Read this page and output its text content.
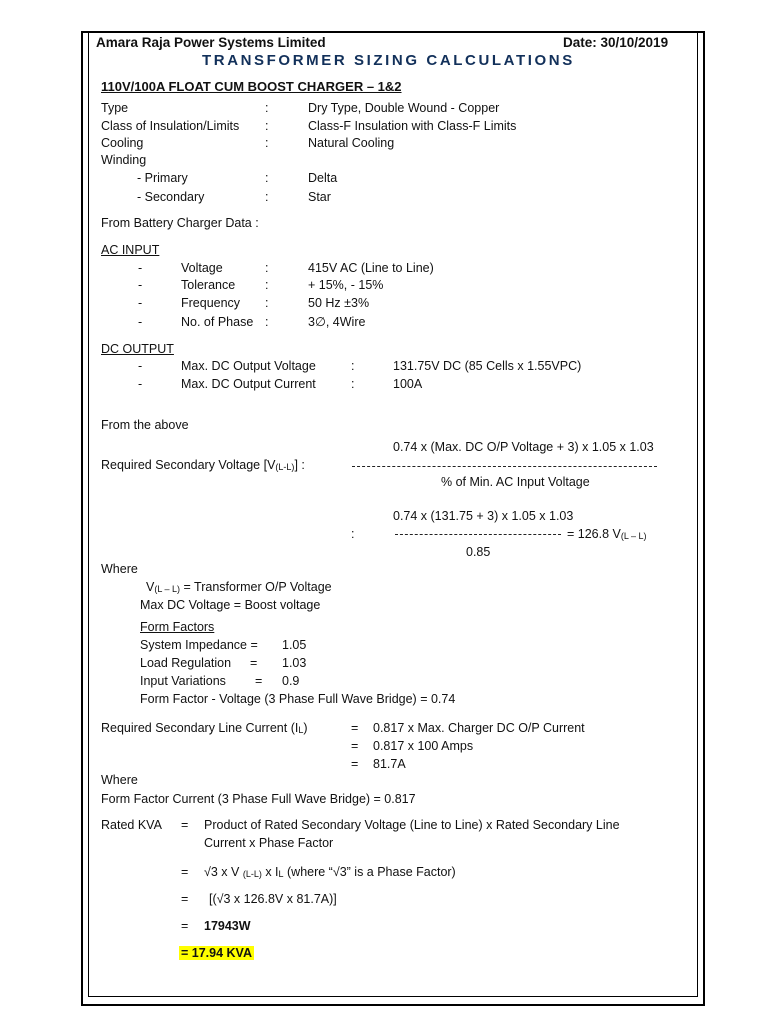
Amara Raja Power Systems Limited	Date: 30/10/2019
TRANSFORMER SIZING CALCULATIONS
110V/100A FLOAT CUM BOOST CHARGER – 1&2
Type	:	Dry Type, Double Wound - Copper
Class of Insulation/Limits :	Class-F Insulation with Class-F Limits
Cooling	:	Natural Cooling
Winding
- Primary	:	Delta
- Secondary	:	Star
From Battery Charger Data :
AC INPUT
-	Voltage	:	415V AC (Line to Line)
-	Tolerance :	+ 15%, - 15%
-	Frequency :	50 Hz ±3%
-	No. of Phase :	3∅, 4Wire
DC OUTPUT
-	Max. DC Output Voltage	:	131.75V DC (85 Cells x 1.55VPC)
-	Max. DC Output Current	:	100A
From the above
0.74 x (Max. DC O/P Voltage + 3) x 1.05 x 1.03
Required Secondary Voltage [V(L-L)] :
% of Min. AC Input Voltage
0.74 x (131.75 + 3) x 1.05 x 1.03
:	= 126.8 V(L – L)
0.85
Where
V(L – L) = Transformer O/P Voltage
Max DC Voltage = Boost voltage
Form Factors
System Impedance = 1.05
Load Regulation = 1.03
Input Variations = 0.9
Form Factor - Voltage (3 Phase Full Wave Bridge) = 0.74
Required Secondary Line Current (IL)	= 0.817 x Max. Charger DC O/P Current
= 0.817 x 100 Amps
= 81.7A
Where
Form Factor Current (3 Phase Full Wave Bridge) = 0.817
Rated KVA = Product of Rated Secondary Voltage (Line to Line) x Rated Secondary Line
Current x Phase Factor
= √3 x V (L-L) x IL (where “√3” is a Phase Factor)
= [(√3 x 126.8V x 81.7A)]
= 17943W
= 17.94 KVA
